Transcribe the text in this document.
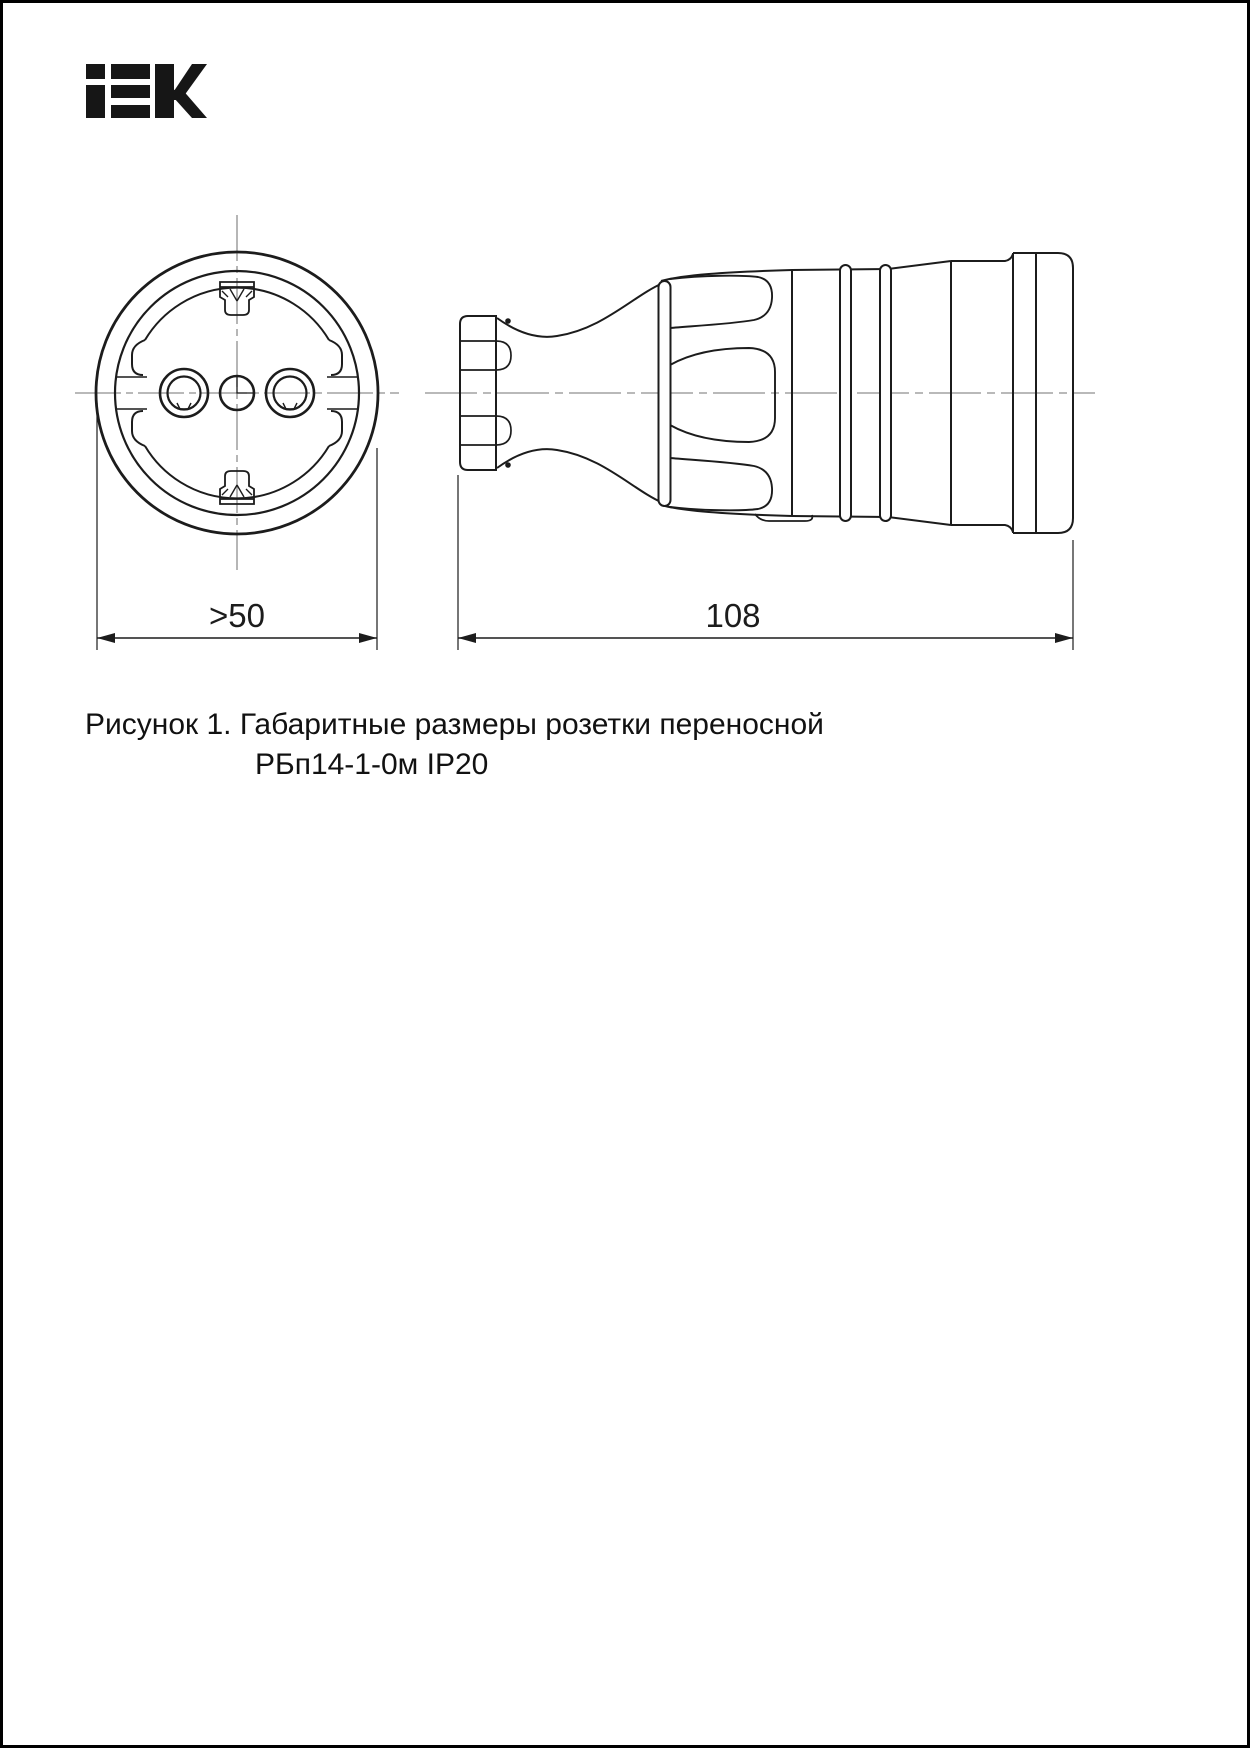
>50	108
Рисунок 1. Габаритные размеры розетки переносной
РБп14-1-0м IP20
